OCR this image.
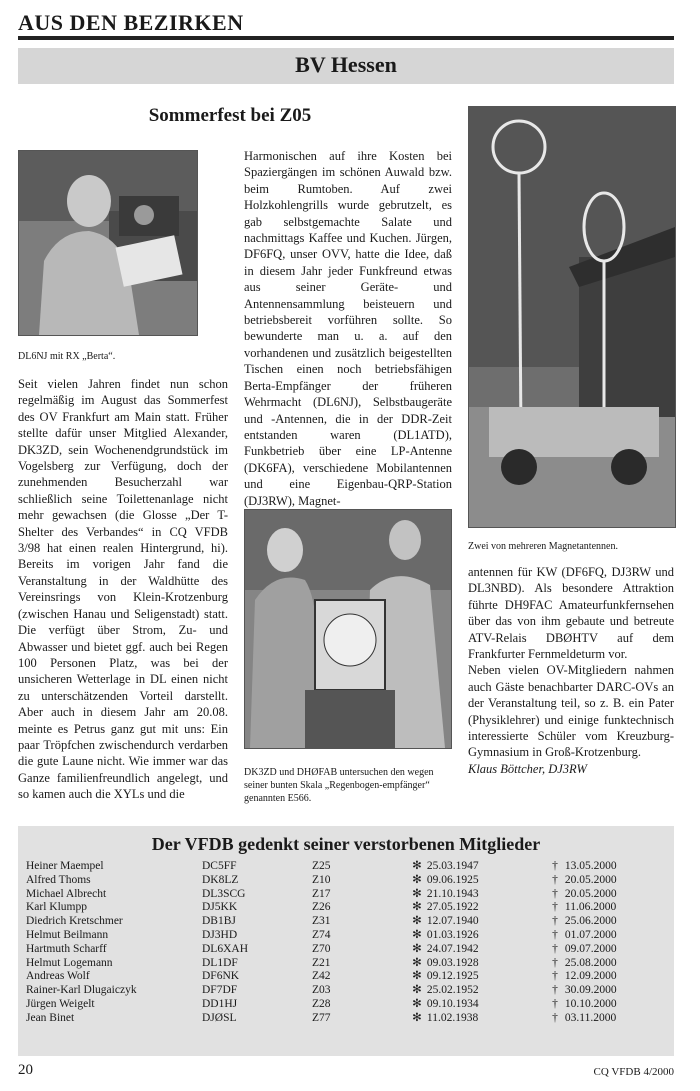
AUS DEN BEZIRKEN
BV Hessen
Sommerfest bei Z05
DL6NJ mit RX „Berta“.
Seit vielen Jahren findet nun schon regelmäßig im August das Sommerfest des OV Frankfurt am Main statt. Früher stellte dafür unser Mitglied Alexander, DK3ZD, sein Wochenendgrundstück im Vogelsberg zur Verfügung, doch der zunehmenden Besucherzahl war schließlich seine Toilettenanlage nicht mehr gewachsen (die Glosse „Der T-Shelter des Verbandes“ in CQ VFDB 3/98 hat einen realen Hintergrund, hi). Bereits im vorigen Jahr fand die Veranstaltung in der Waldhütte des Vereinsrings von Klein-Krotzenburg (zwischen Hanau und Seligenstadt) statt. Die verfügt über Strom, Zu- und Abwasser und bietet ggf. auch bei Regen 100 Personen Platz, was bei der unsicheren Wetterlage in DL einen nicht zu unterschätzenden Vorteil darstellt. Aber auch in diesem Jahr am 20.08. meinte es Petrus ganz gut mit uns: Ein paar Tröpfchen zwischendurch verdarben die gute Laune nicht. Wie immer war das Ganze familienfreundlich angelegt, und so kamen auch die XYLs und die
Harmonischen auf ihre Kosten bei Spaziergängen im schönen Auwald bzw. beim Rumtoben. Auf zwei Holzkohlengrills wurde gebrutzelt, es gab selbstgemachte Salate und nachmittags Kaffee und Kuchen. Jürgen, DF6FQ, unser OVV, hatte die Idee, daß in diesem Jahr jeder Funkfreund etwas aus seiner Geräte- und Antennensammlung beisteuern und betriebsbereit vorführen sollte. So bewunderte man u. a. auf den vorhandenen und zusätzlich beigestellten Tischen einen noch betriebsfähigen Berta-Empfänger der früheren Wehrmacht (DL6NJ), Selbstbaugeräte und -Antennen, die in der DDR-Zeit entstanden waren (DL1ATD), Funkbetrieb über eine LP-Antenne (DK6FA), verschiedene Mobilantennen und eine Eigenbau-QRP-Station (DJ3RW), Magnet-
DK3ZD und DHØFAB untersuchen den wegen seiner bunten Skala „Regenbogen-empfänger“ genannten E566.
Zwei von mehreren Magnetantennen.
antennen für KW (DF6FQ, DJ3RW und DL3NBD). Als besondere Attraktion führte DH9FAC Amateurfunkfernsehen über das von ihm gebaute und betreute ATV-Relais DBØHTV auf dem Frankfurter Fernmeldeturm vor.
Neben vielen OV-Mitgliedern nahmen auch Gäste benachbarter DARC-OVs an der Veranstaltung teil, so z. B. ein Pater (Physiklehrer) und einige funktechnisch interessierte Schüler vom Kreuzburg-Gymnasium in Groß-Krotzenburg.
Klaus Böttcher, DJ3RW
Der VFDB gedenkt seiner verstorbenen Mitglieder
Heiner Maempel	DC5FF	Z25	✻ 25.03.1947	† 13.05.2000
Alfred Thoms	DK8LZ	Z10	✻ 09.06.1925	† 20.05.2000
Michael Albrecht	DL3SCG	Z17	✻ 21.10.1943	† 20.05.2000
Karl Klumpp	DJ5KK	Z26	✻ 27.05.1922	† 11.06.2000
Diedrich Kretschmer	DB1BJ	Z31	✻ 12.07.1940	† 25.06.2000
Helmut Beilmann	DJ3HD	Z74	✻ 01.03.1926	† 01.07.2000
Hartmuth Scharff	DL6XAH	Z70	✻ 24.07.1942	† 09.07.2000
Helmut Logemann	DL1DF	Z21	✻ 09.03.1928	† 25.08.2000
Andreas Wolf	DF6NK	Z42	✻ 09.12.1925	† 12.09.2000
Rainer-Karl Dlugaiczyk	DF7DF	Z03	✻ 25.02.1952	† 30.09.2000
Jürgen Weigelt	DD1HJ	Z28	✻ 09.10.1934	† 10.10.2000
Jean Binet	DJØSL	Z77	✻ 11.02.1938	† 03.11.2000
20	CQ VFDB 4/2000
